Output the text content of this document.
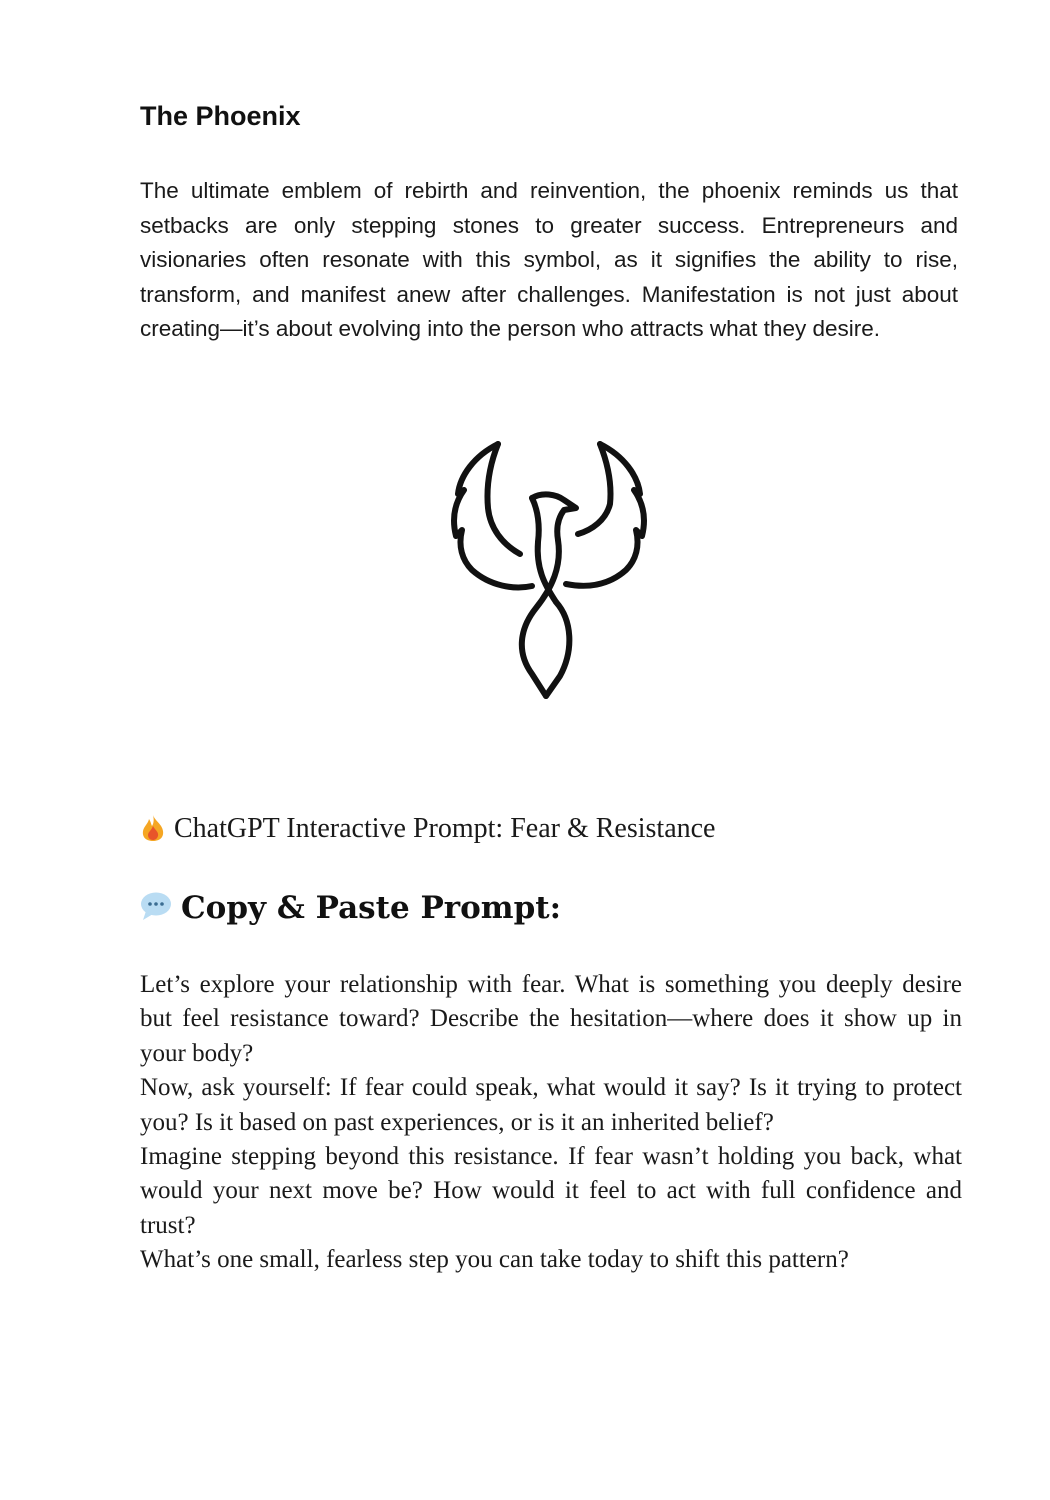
The Phoenix

The ultimate emblem of rebirth and reinvention, the phoenix reminds us that setbacks are only stepping stones to greater success. Entrepreneurs and visionaries often resonate with this symbol, as it signifies the ability to rise, transform, and manifest anew after challenges. Manifestation is not just about creating—it’s about evolving into the person who attracts what they desire.

ChatGPT Interactive Prompt: Fear & Resistance
Copy & Paste Prompt:

Let’s explore your relationship with fear. What is something you deeply desire but feel resistance toward? Describe the hesitation—where does it show up in your body?

Now, ask yourself: If fear could speak, what would it say? Is it trying to protect you? Is it based on past experiences, or is it an inherited belief?

Imagine stepping beyond this resistance. If fear wasn’t holding you back, what would your next move be? How would it feel to act with full confidence and trust?

What’s one small, fearless step you can take today to shift this pattern?
